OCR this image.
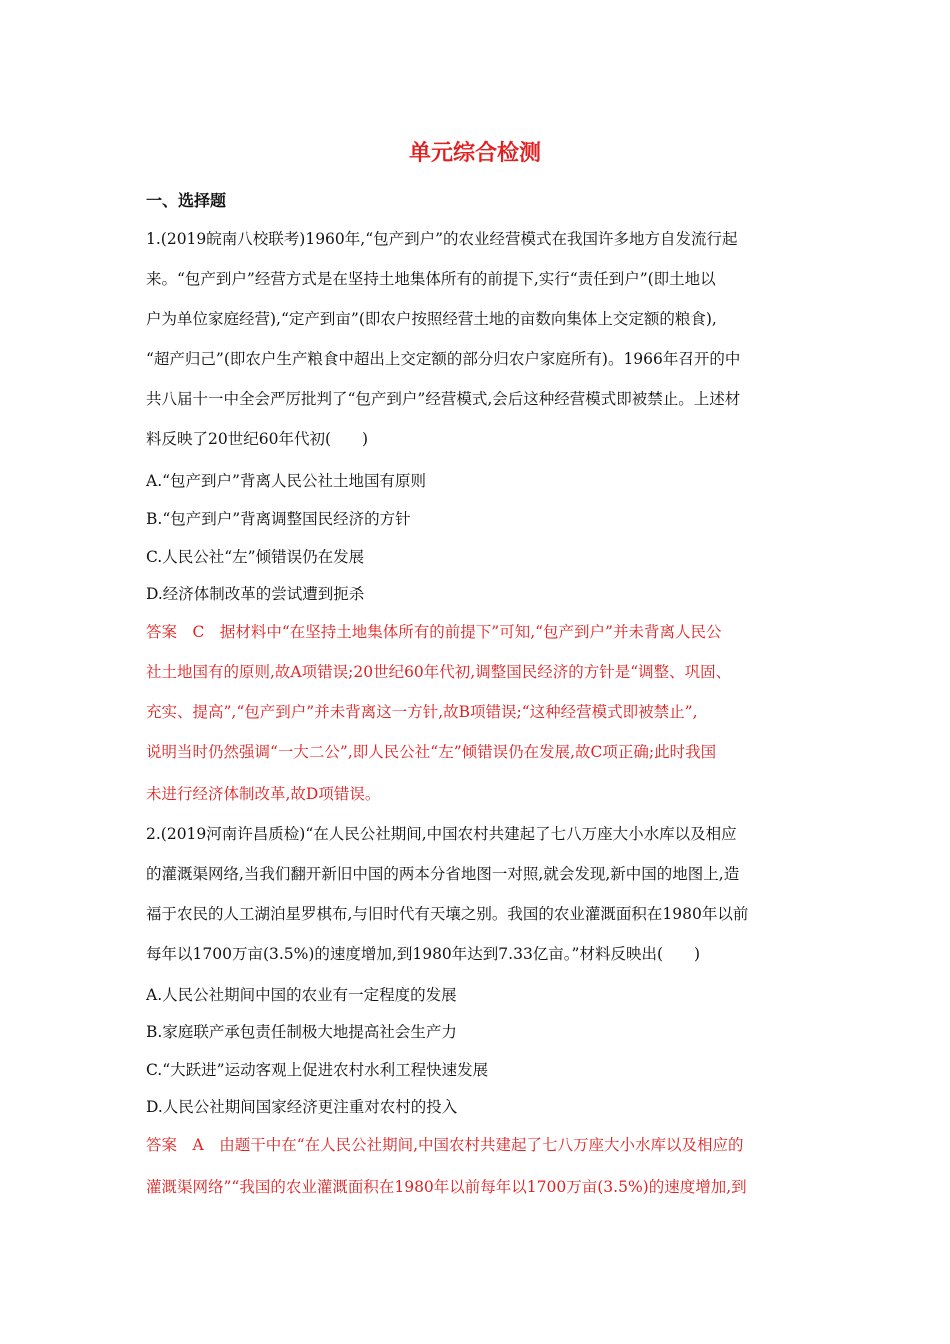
单元综合检测
一、选择题
1.(2019皖南八校联考)1960年,“包产到户”的农业经营模式在我国许多地方自发流行起
来。“包产到户”经营方式是在坚持土地集体所有的前提下,实行“责任到户”(即土地以
户为单位家庭经营),“定产到亩”(即农户按照经营土地的亩数向集体上交定额的粮食),
“超产归己”(即农户生产粮食中超出上交定额的部分归农户家庭所有)。1966年召开的中
共八届十一中全会严厉批判了“包产到户”经营模式,会后这种经营模式即被禁止。上述材
料反映了20世纪60年代初(　　)
A.“包产到户”背离人民公社土地国有原则
B.“包产到户”背离调整国民经济的方针
C.人民公社“左”倾错误仍在发展
D.经济体制改革的尝试遭到扼杀
答案　C　据材料中“在坚持土地集体所有的前提下”可知,“包产到户”并未背离人民公
社土地国有的原则,故A项错误;20世纪60年代初,调整国民经济的方针是“调整、巩固、
充实、提高”,“包产到户”并未背离这一方针,故B项错误;“这种经营模式即被禁止”,
说明当时仍然强调“一大二公”,即人民公社“左”倾错误仍在发展,故C项正确;此时我国
未进行经济体制改革,故D项错误。
2.(2019河南许昌质检)“在人民公社期间,中国农村共建起了七八万座大小水库以及相应
的灌溉渠网络,当我们翻开新旧中国的两本分省地图一对照,就会发现,新中国的地图上,造
福于农民的人工湖泊星罗棋布,与旧时代有天壤之别。我国的农业灌溉面积在1980年以前
每年以1700万亩(3.5%)的速度增加,到1980年达到7.33亿亩。”材料反映出(　　)
A.人民公社期间中国的农业有一定程度的发展
B.家庭联产承包责任制极大地提高社会生产力
C.“大跃进”运动客观上促进农村水利工程快速发展
D.人民公社期间国家经济更注重对农村的投入
答案　A　由题干中在“在人民公社期间,中国农村共建起了七八万座大小水库以及相应的
灌溉渠网络”“我国的农业灌溉面积在1980年以前每年以1700万亩(3.5%)的速度增加,到
